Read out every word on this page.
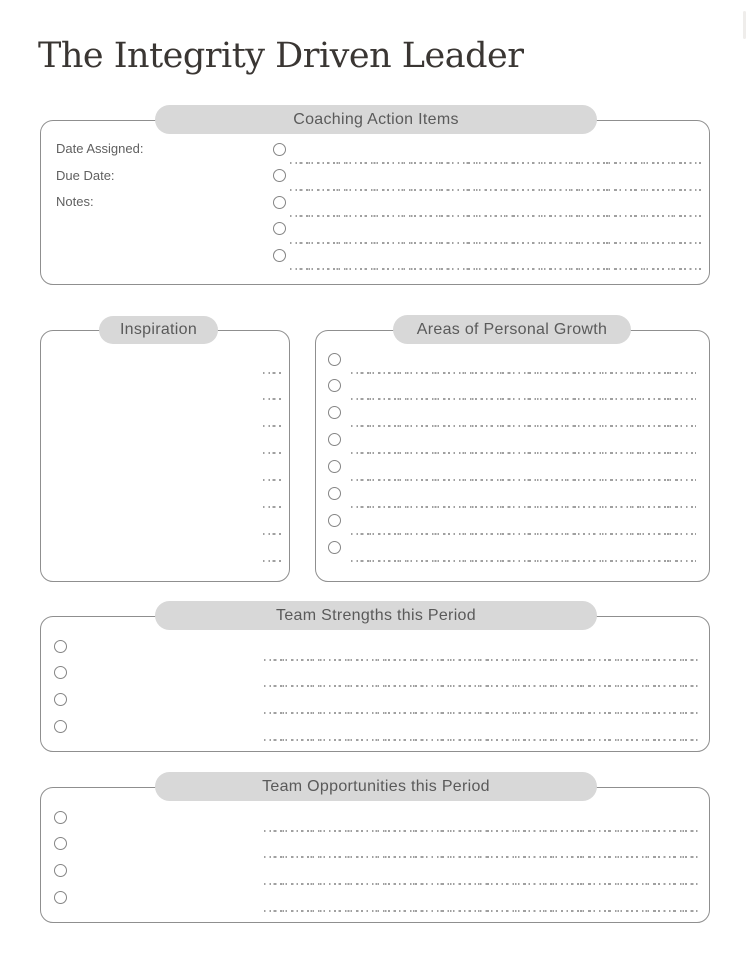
The Integrity Driven Leader
Coaching Action Items
Date Assigned:
Due Date:
Notes:
Inspiration	Areas of Personal Growth
Team Strengths this Period
Team Opportunities this Period
